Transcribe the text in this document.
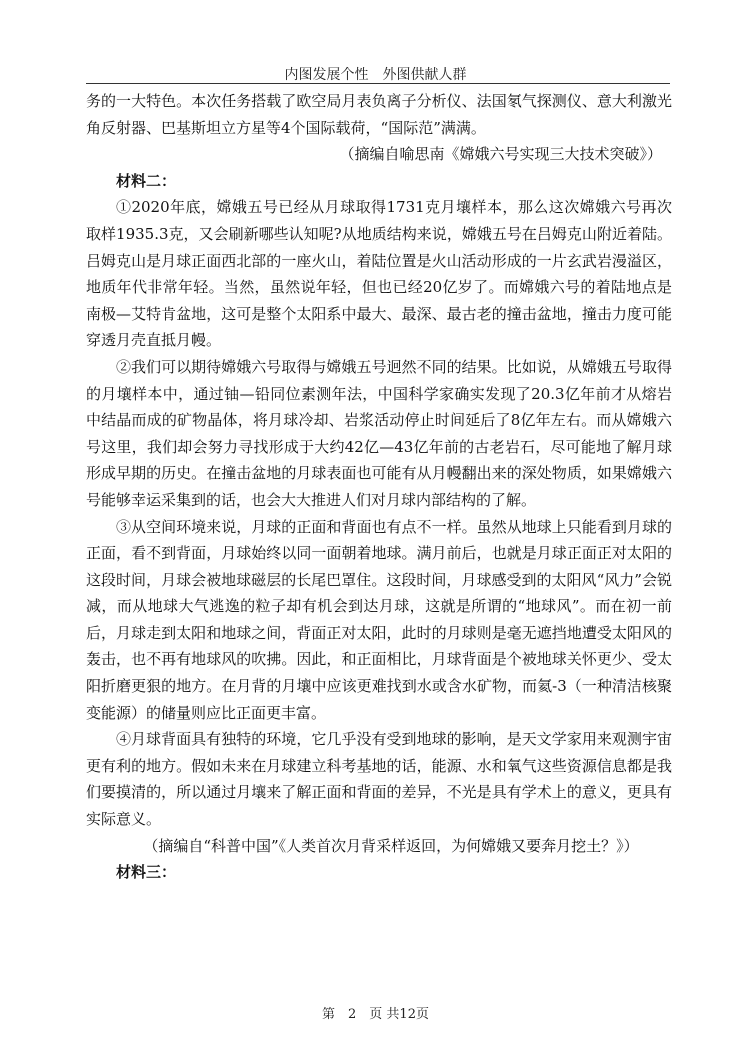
内图发展个性　外图供献人群

务的一大特色。本次任务搭载了欧空局月表负离子分析仪、法国氡气探测仪、意大利激光角反射器、巴基斯坦立方星等4个国际载荷，“国际范”满满。

（摘编自喻思南《嫦娥六号实现三大技术突破》）

材料二：

①2020年底，嫦娥五号已经从月球取得1731克月壤样本，那么这次嫦娥六号再次取样1935.3克，又会刷新哪些认知呢?从地质结构来说，嫦娥五号在吕姆克山附近着陆。吕姆克山是月球正面西北部的一座火山，着陆位置是火山活动形成的一片玄武岩漫溢区，地质年代非常年轻。当然，虽然说年轻，但也已经20亿岁了。而嫦娥六号的着陆地点是南极—艾特肯盆地，这可是整个太阳系中最大、最深、最古老的撞击盆地，撞击力度可能穿透月壳直抵月幔。

②我们可以期待嫦娥六号取得与嫦娥五号迥然不同的结果。比如说，从嫦娥五号取得的月壤样本中，通过铀—铅同位素测年法，中国科学家确实发现了20.3亿年前才从熔岩中结晶而成的矿物晶体，将月球冷却、岩浆活动停止时间延后了8亿年左右。而从嫦娥六号这里，我们却会努力寻找形成于大约42亿—43亿年前的古老岩石，尽可能地了解月球形成早期的历史。在撞击盆地的月球表面也可能有从月幔翻出来的深处物质，如果嫦娥六号能够幸运采集到的话，也会大大推进人们对月球内部结构的了解。

③从空间环境来说，月球的正面和背面也有点不一样。虽然从地球上只能看到月球的正面，看不到背面，月球始终以同一面朝着地球。满月前后，也就是月球正面正对太阳的这段时间，月球会被地球磁层的长尾巴罩住。这段时间，月球感受到的太阳风“风力”会锐减，而从地球大气逃逸的粒子却有机会到达月球，这就是所谓的“地球风”。而在初一前后，月球走到太阳和地球之间，背面正对太阳，此时的月球则是毫无遮挡地遭受太阳风的轰击，也不再有地球风的吹拂。因此，和正面相比，月球背面是个被地球关怀更少、受太阳折磨更狠的地方。在月背的月壤中应该更难找到水或含水矿物，而氦-3（一种清洁核聚变能源）的储量则应比正面更丰富。

④月球背面具有独特的环境，它几乎没有受到地球的影响，是天文学家用来观测宇宙更有利的地方。假如未来在月球建立科考基地的话，能源、水和氧气这些资源信息都是我们要摸清的，所以通过月壤来了解正面和背面的差异，不光是具有学术上的意义，更具有实际意义。

（摘编自“科普中国”《人类首次月背采样返回，为何嫦娥又要奔月挖土？》）

材料三：

第　2　页 共12页
